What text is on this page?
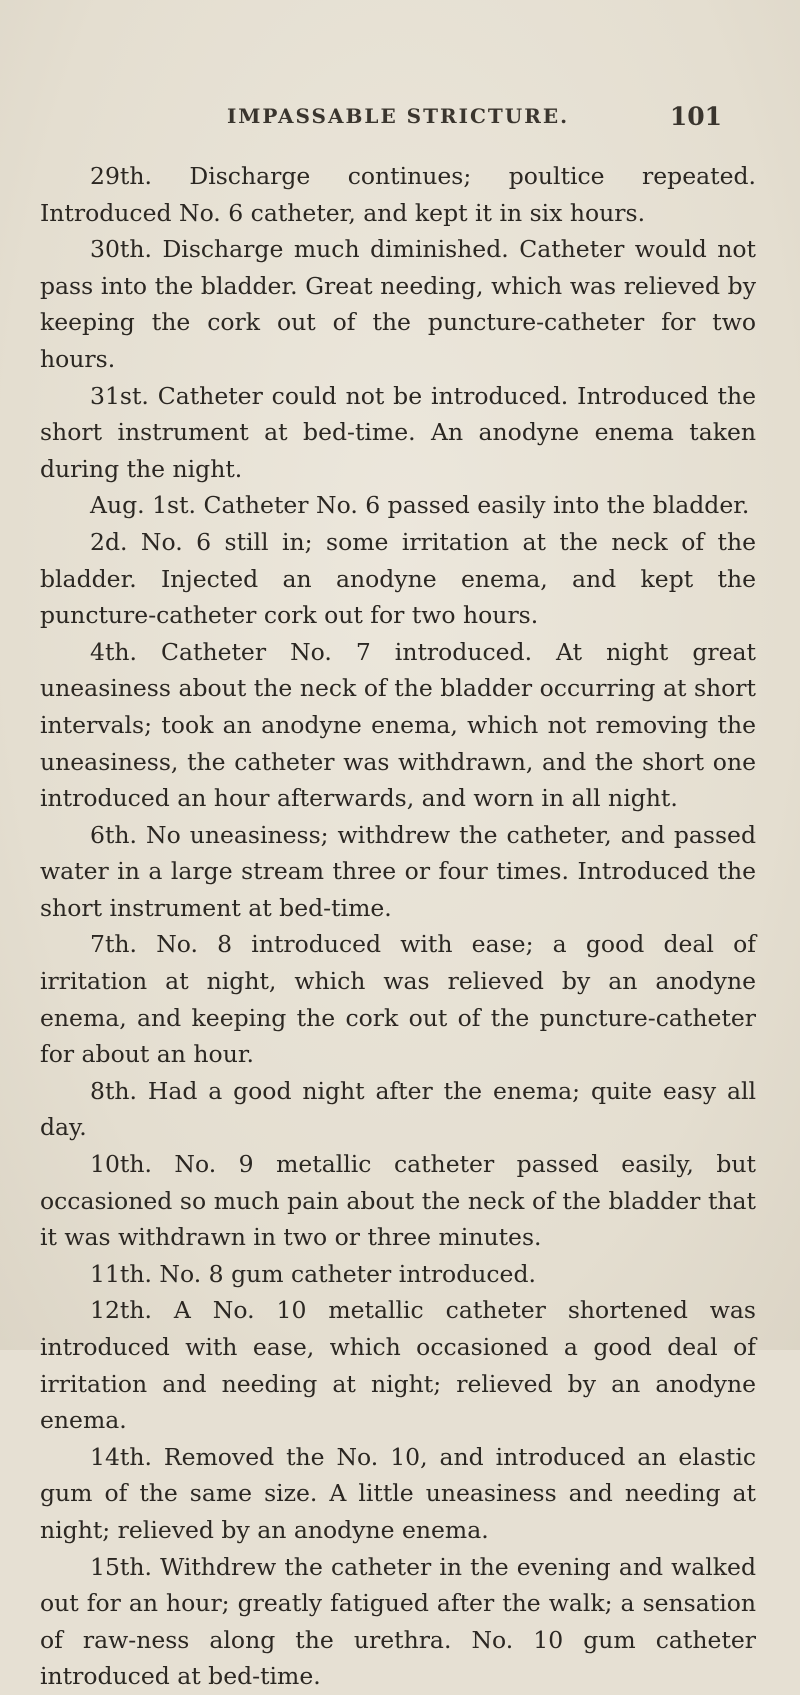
IMPASSABLE STRICTURE.	101

29th. Discharge continues; poultice repeated. Introduced No. 6 catheter, and kept it in six hours.

30th. Discharge much diminished. Catheter would not pass into the bladder. Great needing, which was relieved by keeping the cork out of the puncture-catheter for two hours.

31st. Catheter could not be introduced. Introduced the short instrument at bed-time. An anodyne enema taken during the night.

Aug. 1st. Catheter No. 6 passed easily into the bladder.

2d. No. 6 still in; some irritation at the neck of the bladder. Injected an anodyne enema, and kept the puncture-catheter cork out for two hours.

4th. Catheter No. 7 introduced. At night great uneasiness about the neck of the bladder occurring at short intervals; took an anodyne enema, which not removing the uneasiness, the catheter was withdrawn, and the short one introduced an hour afterwards, and worn in all night.

6th. No uneasiness; withdrew the catheter, and passed water in a large stream three or four times. Introduced the short instrument at bed-time.

7th. No. 8 introduced with ease; a good deal of irritation at night, which was relieved by an anodyne enema, and keeping the cork out of the puncture-catheter for about an hour.

8th. Had a good night after the enema; quite easy all day.

10th. No. 9 metallic catheter passed easily, but occasioned so much pain about the neck of the bladder that it was withdrawn in two or three minutes.

11th. No. 8 gum catheter introduced.

12th. A No. 10 metallic catheter shortened was introduced with ease, which occasioned a good deal of irritation and needing at night; relieved by an anodyne enema.

14th. Removed the No. 10, and introduced an elastic gum of the same size. A little uneasiness and needing at night; relieved by an anodyne enema.

15th. Withdrew the catheter in the evening and walked out for an hour; greatly fatigued after the walk; a sensation of raw-ness along the urethra. No. 10 gum catheter introduced at bed-time.
